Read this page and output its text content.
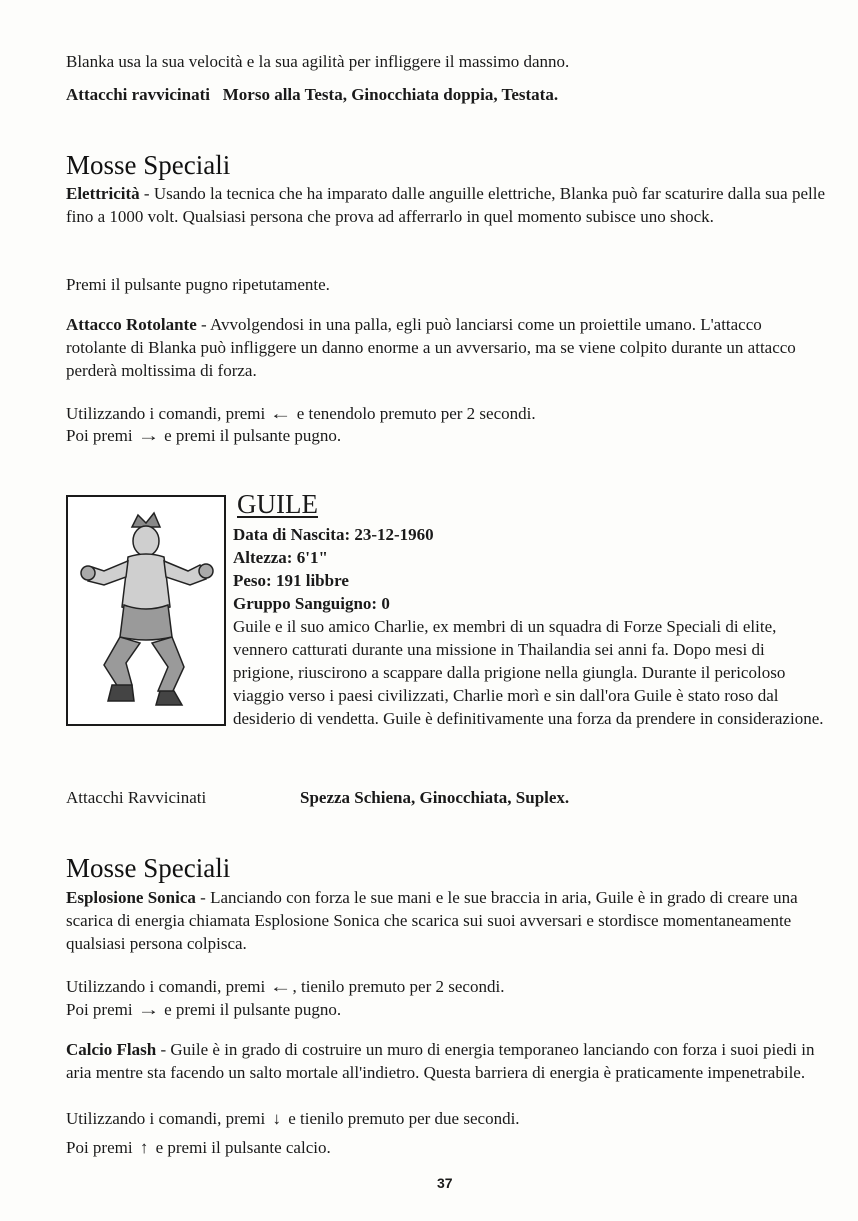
Blanka usa la sua velocità e la sua agilità per infliggere il massimo danno.

Attacchi ravvicinati Morso alla Testa, Ginocchiata doppia, Testata.

Mosse Speciali

Elettricità - Usando la tecnica che ha imparato dalle anguille elettriche, Blanka può far scaturire dalla sua pelle fino a 1000 volt. Qualsiasi persona che prova ad afferrarlo in quel momento subisce uno shock.

Premi il pulsante pugno ripetutamente.

Attacco Rotolante - Avvolgendosi in una palla, egli può lanciarsi come un proiettile umano. L'attacco rotolante di Blanka può infliggere un danno enorme a un avversario, ma se viene colpito durante un attacco perderà moltissima di forza.

Utilizzando i comandi, premi ← e tenendolo premuto per 2 secondi.

Poi premi → e premi il pulsante pugno.

GUILE

Data di Nascita: 23-12-1960

Altezza: 6'1"

Peso: 191 libbre

Gruppo Sanguigno: 0

Guile e il suo amico Charlie, ex membri di un squadra di Forze Speciali di elite, vennero catturati durante una missione in Thailandia sei anni fa. Dopo mesi di prigione, riuscirono a scappare dalla prigione nella giungla. Durante il pericoloso viaggio verso i paesi civilizzati, Charlie morì e sin dall'ora Guile è stato roso dal desiderio di vendetta. Guile è definitivamente una forza da prendere in considerazione.

Attacchi Ravvicinati	Spezza Schiena, Ginocchiata, Suplex.

Mosse Speciali

Esplosione Sonica - Lanciando con forza le sue mani e le sue braccia in aria, Guile è in grado di creare una scarica di energia chiamata Esplosione Sonica che scarica sui suoi avversari e stordisce momentaneamente qualsiasi persona colpisca.

Utilizzando i comandi, premi ←, tienilo premuto per 2 secondi.

Poi premi → e premi il pulsante pugno.

Calcio Flash - Guile è in grado di costruire un muro di energia temporaneo lanciando con forza i suoi piedi in aria mentre sta facendo un salto mortale all'indietro. Questa barriera di energia è praticamente impenetrabile.

Utilizzando i comandi, premi ↓ e tienilo premuto per due secondi.

Poi premi ↑ e premi il pulsante calcio.

37
